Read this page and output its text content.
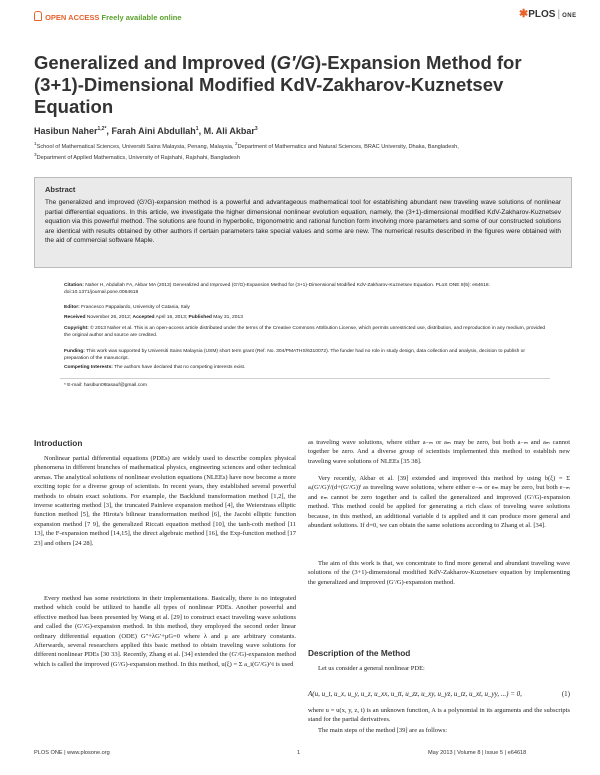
OPEN ACCESS Freely available online	✱PLOS | ONE
Generalized and Improved (G′/G)-Expansion Method for (3+1)-Dimensional Modified KdV-Zakharov-Kuznetsev Equation
Hasibun Naher$^{1,2*}$, Farah Aini Abdullah$^1$, M. Ali Akbar$^3$
$^1$School of Mathematical Sciences, Universiti Sains Malaysia, Penang, Malaysia, $^2$Department of Mathematics and Natural Sciences, BRAC University, Dhaka, Bangladesh,
$^3$Department of Applied Mathematics, University of Rajshahi, Rajshahi, Bangladesh
Abstract
The generalized and improved (G′/G)-expansion method is a powerful and advantageous mathematical tool for establishing abundant new traveling wave solutions of nonlinear partial differential equations. In this article, we investigate the higher dimensional nonlinear evolution equation, namely, the (3+1)-dimensional modified KdV-Zakharov-Kuznetsev equation via this powerful method. The solutions are found in hyperbolic, trigonometric and rational function form involving more parameters and some of our constructed solutions are identical with results obtained by other authors if certain parameters take special values and some are new. The numerical results described in the figures were obtained with the aid of commercial software Maple.
Citation: Naher H, Abdullah FA, Akbar MA (2013) Generalized and Improved (G′/G)-Expansion Method for (3+1)-Dimensional Modified KdV-Zakharov-Kuznetsev Equation. PLoS ONE 8(5): e64618. doi:10.1371/journal.pone.0064618
Editor: Francesco Pappalardo, University of Catania, Italy
Received November 26, 2012; Accepted April 16, 2013; Published May 31, 2013
Copyright: © 2013 Naher et al. This is an open-access article distributed under the terms of the Creative Commons Attribution License, which permits unrestricted use, distribution, and reproduction in any medium, provided the original author and source are credited.
Funding: This work was supported by Universiti Sains Malaysia (USM) short term grant (Ref. No. 304/PMATHS/6310072). The funder had no role in study design, data collection and analysis, decision to publish or preparation of the manuscript.
Competing Interests: The authors have declared that no competing interests exist.
* E-mail: hasibun06tasauf@gmail.com
Introduction
Nonlinear partial differential equations (PDEs) are widely used to describe complex physical phenomena in different branches of mathematical physics, engineering sciences and other technical arenas. The analytical solutions of nonlinear evolution equations (NLEEs) have now become a more exciting topic for a diverse group of scientists. In recent years, they established several powerful methods to obtain exact solutions. For example, the Backlund transformation method [1,2], the inverse scattering method [3], the truncated Painleve expansion method [4], the Weierstrass elliptic function method [5], the Hirota's bilinear transformation method [6], the Jacobi elliptic function expansion method [7 9], the generalized Riccati equation method [10], the tanh-coth method [11 13], the F-expansion method [14,15], the direct algebraic method [16], the Exp-function method [17 23] and others [24 28].
Every method has some restrictions in their implementations. Basically, there is no integrated method which could be utilized to handle all types of nonlinear PDEs. Another powerful and effective method has been presented by Wang et al. [29] to construct exact traveling wave solutions and called the (G′/G)-expansion method. In this method, they employed the second order linear ordinary differential equation (ODE) G″+λG′+μG=0 where λ and μ are arbitrary constants. Afterwards, several researchers applied this basic method to obtain traveling wave solutions for different nonlinear PDEs [30 33]. Recently, Zhang et al. [34] extended the (G′/G)-expansion method which is called the improved (G′/G)-expansion method. In this method, u(ξ) = Σ a_i(G′/G)^i is used
as traveling wave solutions, where either a₋ₘ or aₘ may be zero, but both a₋ₘ and aₘ cannot together be zero. And a diverse group of scientists implemented this method to establish new traveling wave solutions of NLEEs [35 38].
Very recently, Akbar et al. [39] extended and improved this method by using b(ξ) = Σ aᵢ(G′/G)ⁱ/(d+(G′/G))ⁱ as traveling wave solutions, where either e₋ₘ or eₘ may be zero, but both e₋ₘ and eₘ cannot be zero together and is called the generalized and improved (G′/G)-expansion method. This method could be applied for generating a rich class of traveling wave solutions because, in this method, an additional variable d is applied and it can produce more general and abundant solutions. If d=0, we can obtain the same solutions according to Zhang et al. [34].
The aim of this work is that, we concentrate to find more general and abundant traveling wave solutions of the (3+1)-dimensional modified KdV-Zakharov-Kuznetsev equation by implementing the generalized and improved (G′/G)-expansion method.
Description of the Method
Let us consider a general nonlinear PDE:
A(u, u_t, u_x, u_y, u_z, u_xx, u_tt, u_zz, u_xy, u_yz, u_tz, u_xt, u_yy, ...) = 0,	(1)
where u = u(x, y, z, t) is an unknown function, A is a polynomial in its arguments and the subscripts stand for the partial derivatives.
The main steps of the method [39] are as follows:
PLOS ONE | www.plosone.org	1	May 2013 | Volume 8 | Issue 5 | e64618
